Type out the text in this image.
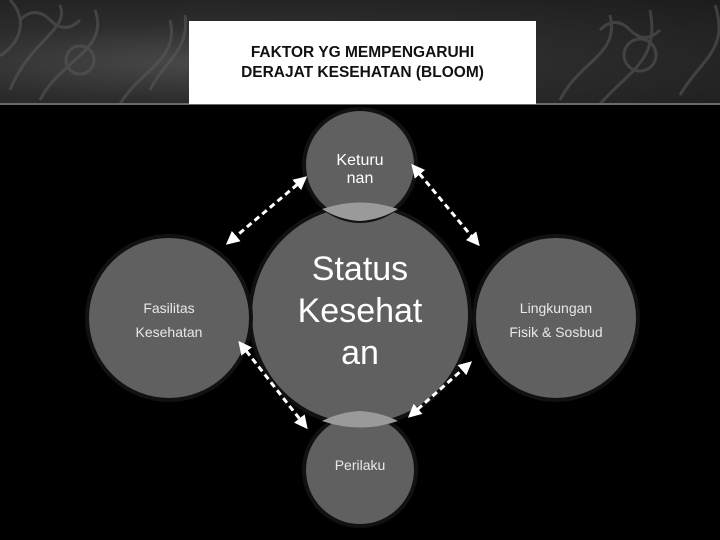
FAKTOR YG MEMPENGARUHI
DERAJAT KESEHATAN (BLOOM)

Keturu
nan
Status
Kesehat
an
Fasilitas
Kesehatan
Lingkungan
Fisik & Sosbud
Perilaku
